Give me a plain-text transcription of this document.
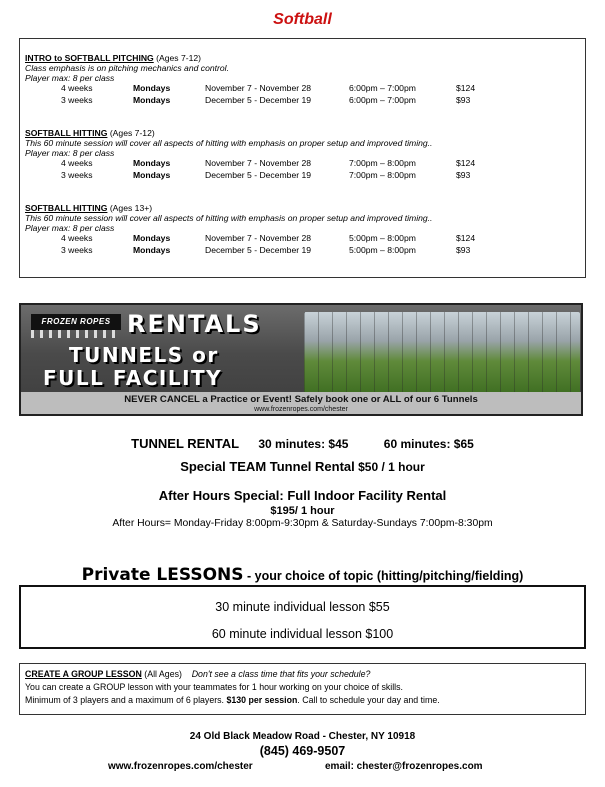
Softball
INTRO to SOFTBALL PITCHING (Ages 7-12)
Class emphasis is on pitching mechanics and control.
Player max: 8 per class
4 weeks	Mondays	November 7 - November 28	6:00pm – 7:00pm	$124
3 weeks	Mondays	December 5 - December 19	6:00pm – 7:00pm	$93
SOFTBALL HITTING (Ages 7-12)
This 60 minute session will cover all aspects of hitting with emphasis on proper setup and improved timing..
Player max: 8 per class
4 weeks	Mondays	November 7 - November 28	7:00pm – 8:00pm	$124
3 weeks	Mondays	December 5 - December 19	7:00pm – 8:00pm	$93
SOFTBALL HITTING (Ages 13+)
This 60 minute session will cover all aspects of hitting with emphasis on proper setup and improved timing..
Player max: 8 per class
4 weeks	Mondays	November 7 - November 28	5:00pm – 8:00pm	$124
3 weeks	Mondays	December 5 - December 19	5:00pm – 8:00pm	$93
FROZEN ROPES RENTALS
TUNNELS or
FULL FACILITY
NEVER CANCEL a Practice or Event! Safely book one or ALL of our 6 Tunnels
www.frozenropes.com/chester
TUNNEL RENTAL 30 minutes: $45	60 minutes: $65
Special TEAM Tunnel Rental $50 / 1 hour
After Hours Special: Full Indoor Facility Rental
$195/ 1 hour
After Hours= Monday-Friday 8:00pm-9:30pm & Saturday-Sundays 7:00pm-8:30pm
Private LESSONS - your choice of topic (hitting/pitching/fielding)
30 minute individual lesson $55
60 minute individual lesson $100
CREATE A GROUP LESSON (All Ages) Don't see a class time that fits your schedule?
You can create a GROUP lesson with your teammates for 1 hour working on your choice of skills.
Minimum of 3 players and a maximum of 6 players. $130 per session. Call to schedule your day and time.
24 Old Black Meadow Road - Chester, NY 10918
(845) 469-9507
www.frozenropes.com/chester	email: chester@frozenropes.com
